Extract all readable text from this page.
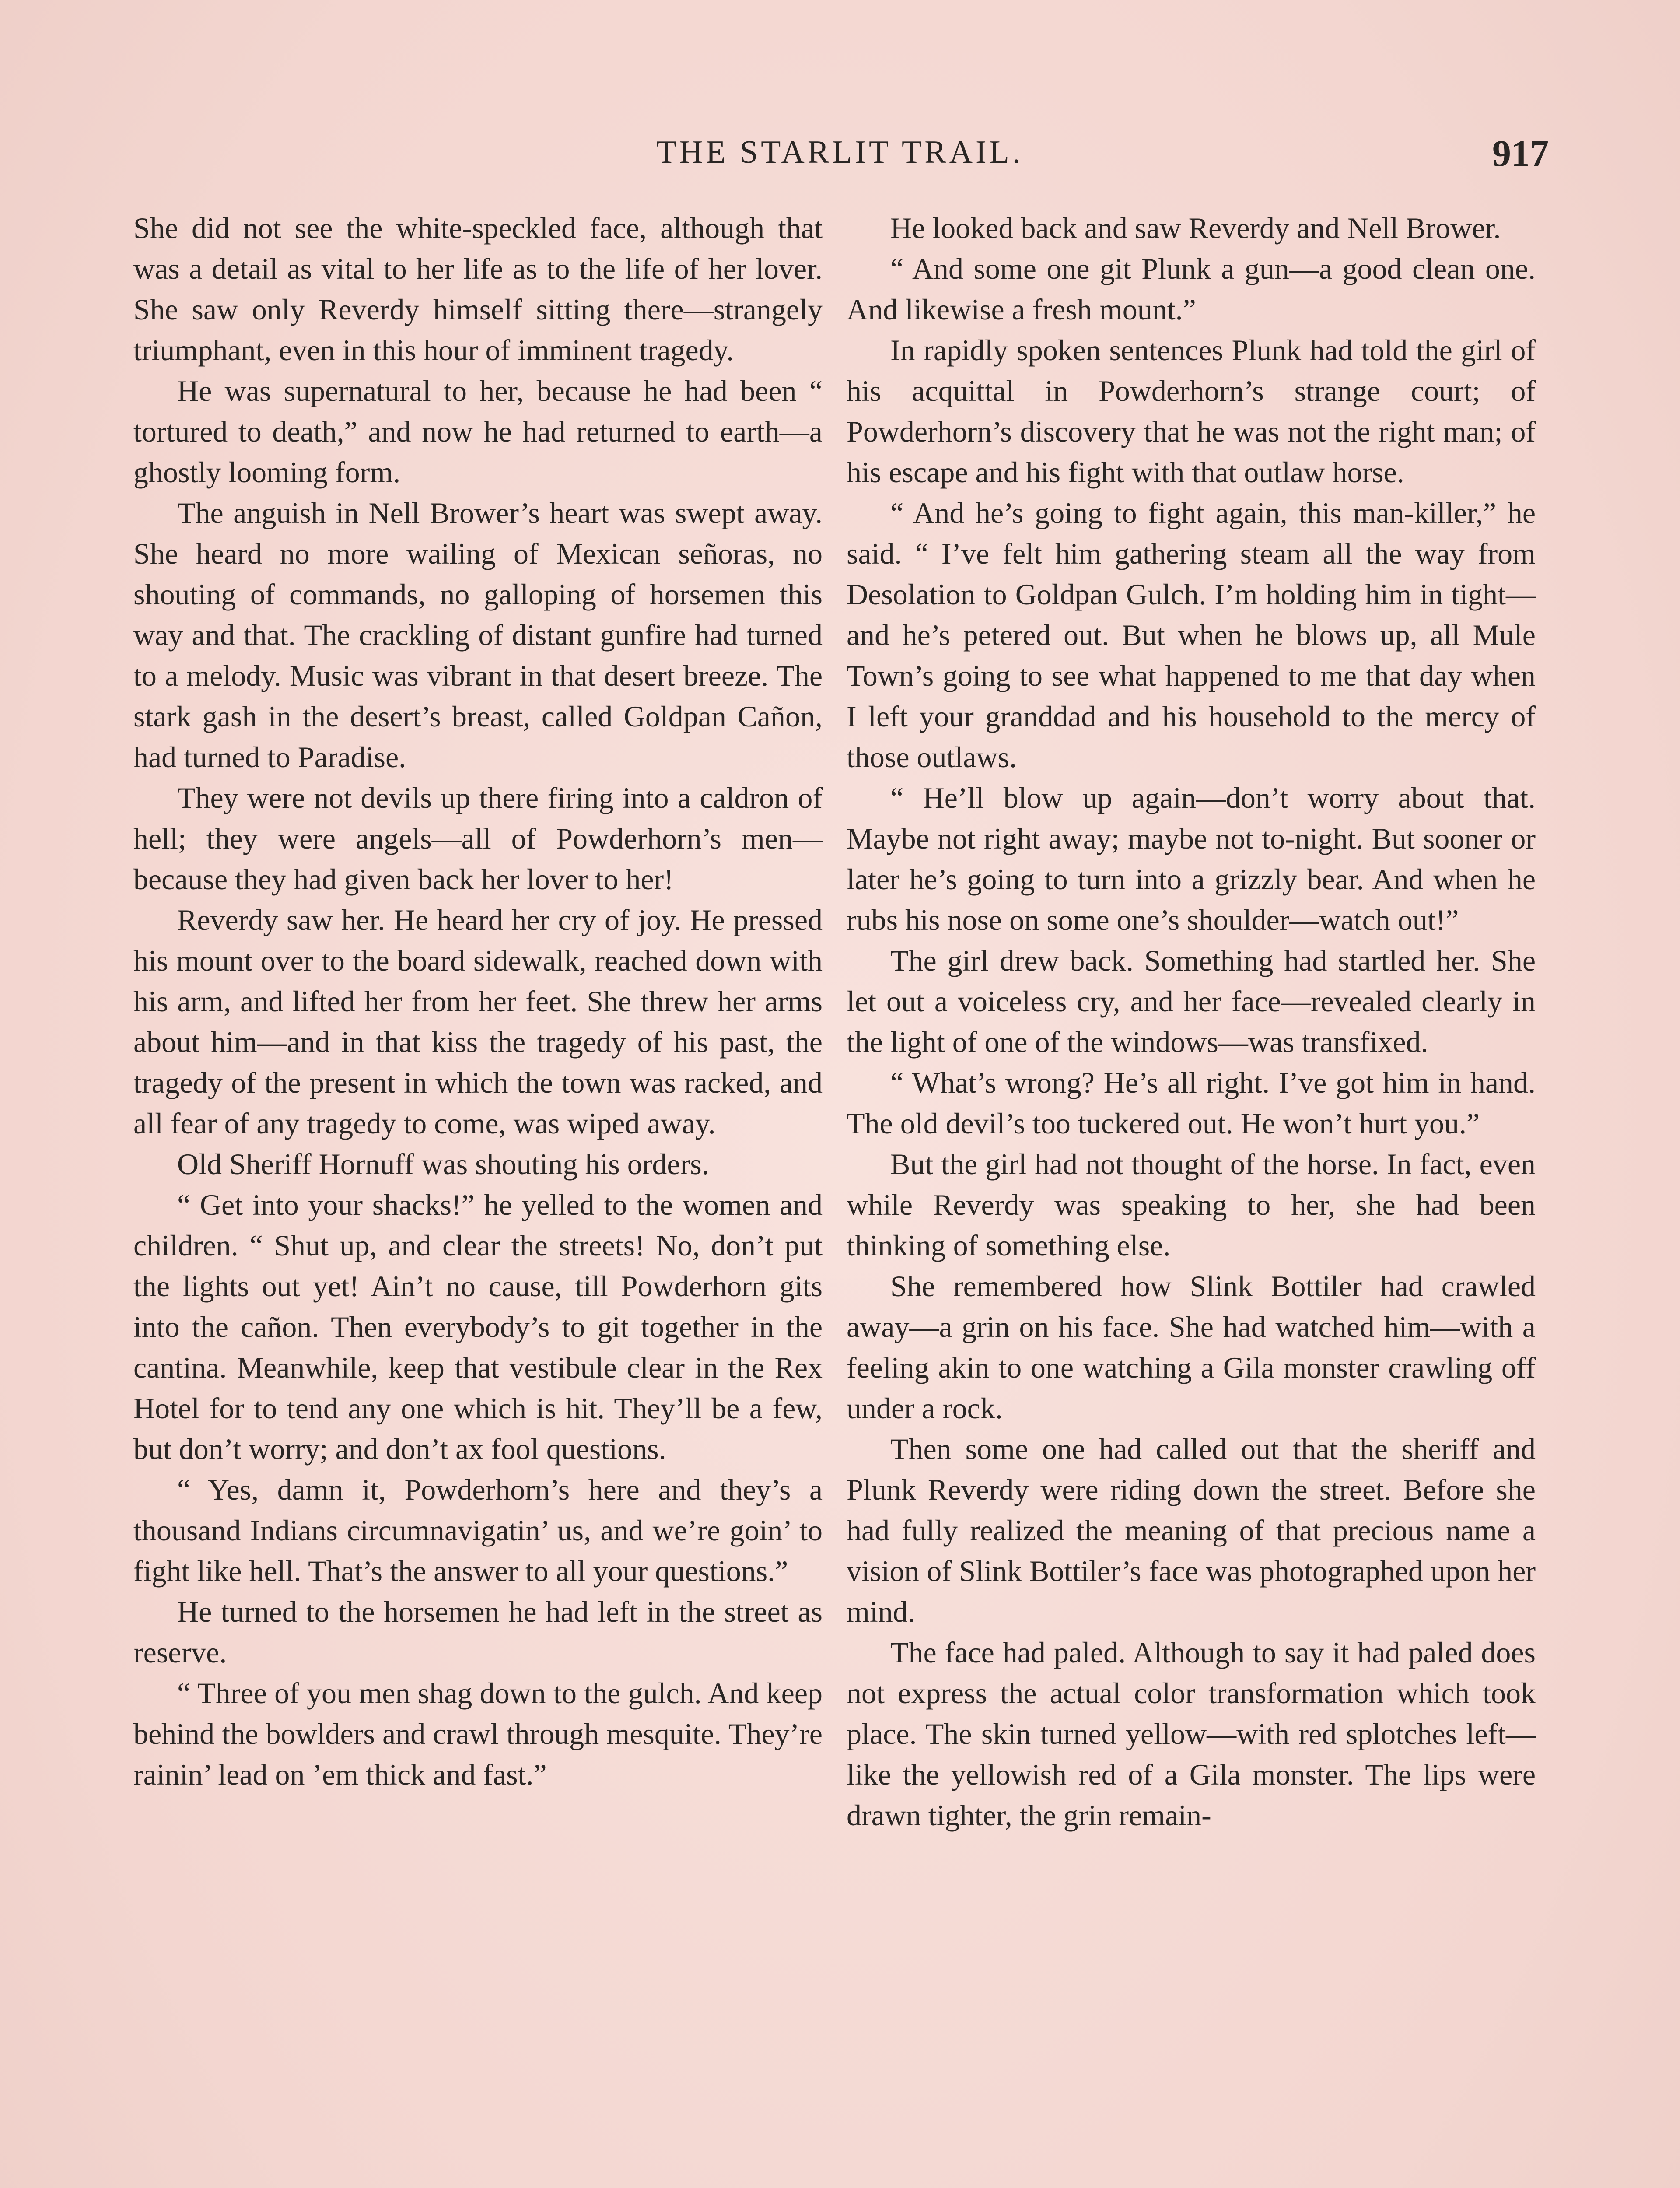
THE STARLIT TRAIL.	917

She did not see the white-speckled face, although that was a detail as vital to her life as to the life of her lover. She saw only Reverdy himself sitting there—strangely triumphant, even in this hour of imminent tragedy.

He was supernatural to her, because he had been “ tortured to death,” and now he had returned to earth—a ghostly looming form.

The anguish in Nell Brower’s heart was swept away. She heard no more wailing of Mexican señoras, no shouting of commands, no galloping of horsemen this way and that. The crackling of distant gunfire had turned to a melody. Music was vibrant in that desert breeze. The stark gash in the desert’s breast, called Goldpan Cañon, had turned to Paradise.

They were not devils up there firing into a caldron of hell; they were angels—all of Powderhorn’s men—because they had given back her lover to her!

Reverdy saw her. He heard her cry of joy. He pressed his mount over to the board sidewalk, reached down with his arm, and lifted her from her feet. She threw her arms about him—and in that kiss the tragedy of his past, the tragedy of the present in which the town was racked, and all fear of any tragedy to come, was wiped away.

Old Sheriff Hornuff was shouting his orders.

“ Get into your shacks!” he yelled to the women and children. “ Shut up, and clear the streets! No, don’t put the lights out yet! Ain’t no cause, till Powderhorn gits into the cañon. Then everybody’s to git together in the cantina. Meanwhile, keep that vestibule clear in the Rex Hotel for to tend any one which is hit. They’ll be a few, but don’t worry; and don’t ax fool questions.

“ Yes, damn it, Powderhorn’s here and they’s a thousand Indians circumnavigatin’ us, and we’re goin’ to fight like hell. That’s the answer to all your questions.”

He turned to the horsemen he had left in the street as reserve.

“ Three of you men shag down to the gulch. And keep behind the bowlders and crawl through mesquite. They’re rainin’ lead on ’em thick and fast.”

He looked back and saw Reverdy and Nell Brower.

“ And some one git Plunk a gun—a good clean one. And likewise a fresh mount.”

In rapidly spoken sentences Plunk had told the girl of his acquittal in Powderhorn’s strange court; of Powderhorn’s discovery that he was not the right man; of his escape and his fight with that outlaw horse.

“ And he’s going to fight again, this man-killer,” he said. “ I’ve felt him gathering steam all the way from Desolation to Goldpan Gulch. I’m holding him in tight—and he’s petered out. But when he blows up, all Mule Town’s going to see what happened to me that day when I left your granddad and his household to the mercy of those outlaws.

“ He’ll blow up again—don’t worry about that. Maybe not right away; maybe not to-night. But sooner or later he’s going to turn into a grizzly bear. And when he rubs his nose on some one’s shoulder—watch out!”

The girl drew back. Something had startled her. She let out a voiceless cry, and her face—revealed clearly in the light of one of the windows—was transfixed.

“ What’s wrong? He’s all right. I’ve got him in hand. The old devil’s too tuckered out. He won’t hurt you.”

But the girl had not thought of the horse. In fact, even while Reverdy was speaking to her, she had been thinking of something else.

She remembered how Slink Bottiler had crawled away—a grin on his face. She had watched him—with a feeling akin to one watching a Gila monster crawling off under a rock.

Then some one had called out that the sheriff and Plunk Reverdy were riding down the street. Before she had fully realized the meaning of that precious name a vision of Slink Bottiler’s face was photographed upon her mind.

The face had paled. Although to say it had paled does not express the actual color transformation which took place. The skin turned yellow—with red splotches left—like the yellowish red of a Gila monster. The lips were drawn tighter, the grin remain-
